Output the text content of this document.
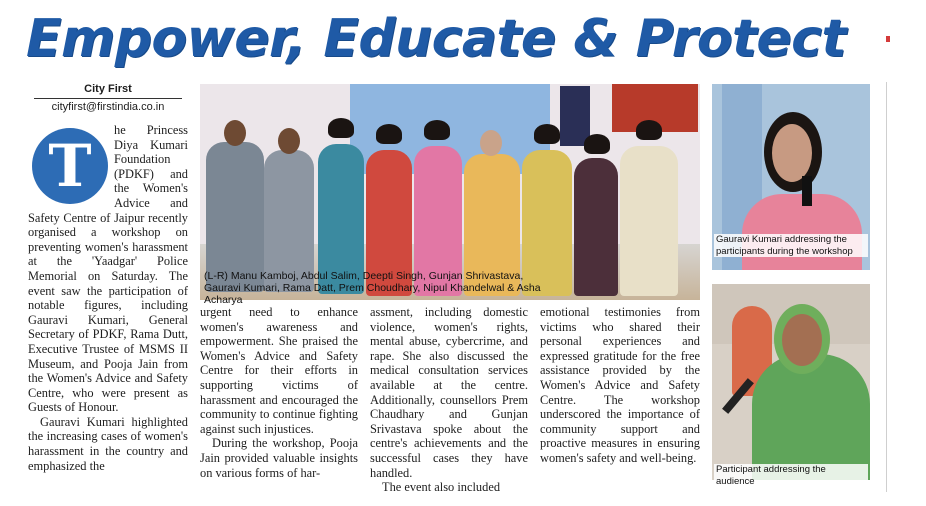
Empower, Educate & Protect
City First
cityfirst@firstindia.co.in
T

he Princess Diya Kumari Foundation (PDKF) and the Women's Advice and Safety Centre of Jaipur recently organised a workshop on preventing women's harassment at the 'Yaadgar' Police Memorial on Saturday. The event saw the participation of notable figures, including Gauravi Kumari, General Secretary of PDKF, Rama Dutt, Executive Trustee of MSMS II Museum, and Pooja Jain from the Women's Advice and Safety Centre, who were present as Guests of Honour.

Gauravi Kumari highlighted the increasing cases of women's harassment in the country and emphasized the

(L-R) Manu Kamboj, Abdul Salim, Deepti Singh, Gunjan Shrivastava, Gauravi Kumari, Rama Datt, Prem Choudhary, Nipul Khandelwal & Asha Acharya
Gauravi Kumari addressing the participants during the workshop
Participant addressing the audience

urgent need to enhance women's awareness and empowerment. She praised the Women's Advice and Safety Centre for their efforts in supporting victims of harassment and encouraged the community to continue fighting against such injustices.

During the workshop, Pooja Jain provided valuable insights on various forms of har-

assment, including domestic violence, women's rights, mental abuse, cybercrime, and rape. She also discussed the medical consultation services available at the centre. Additionally, counsellors Prem Chaudhary and Gunjan Srivastava spoke about the centre's achievements and the successful cases they have handled.

The event also included

emotional testimonies from victims who shared their personal experiences and expressed gratitude for the free assistance provided by the Women's Advice and Safety Centre. The workshop underscored the importance of community support and proactive measures in ensuring women's safety and well-being.
